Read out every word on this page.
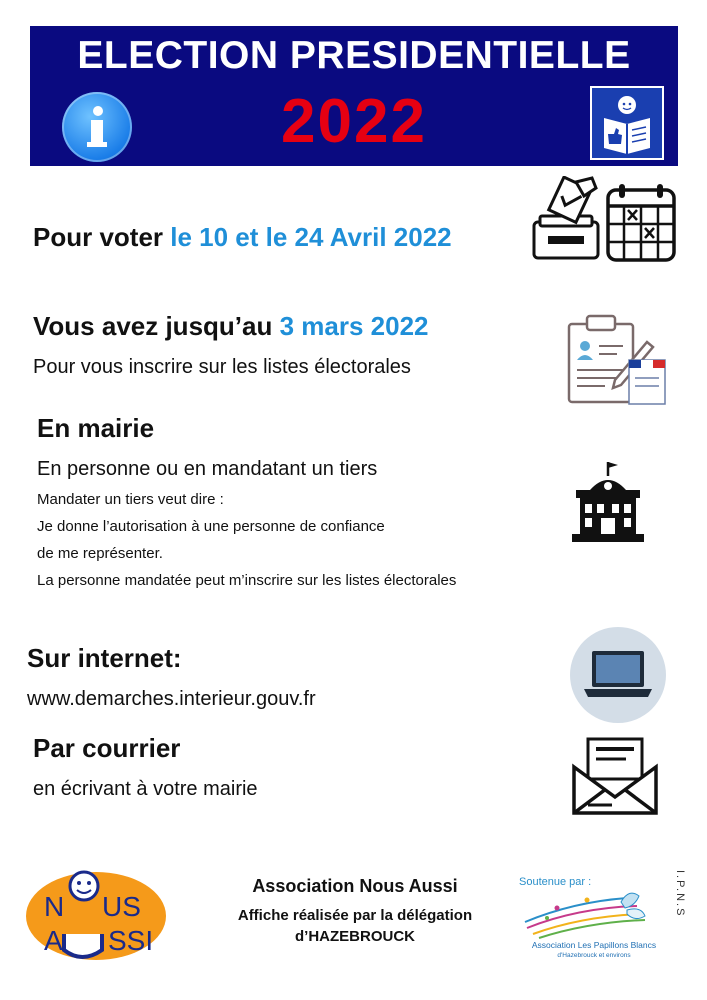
ELECTION PRESIDENTIELLE
2022
Pour voter le 10 et le 24 Avril 2022
Vous avez jusqu’au 3 mars 2022
Pour vous inscrire sur les listes électorales
En mairie
En personne ou en mandatant un tiers
Mandater un tiers veut dire :
Je donne l’autorisation à une personne de confiance
de me représenter.
La personne mandatée peut m’inscrire sur les listes électorales
Sur internet:
www.demarches.interieur.gouv.fr
Par courrier
en écrivant à votre mairie
N US
A SSI
Association Nous Aussi
Affiche réalisée par la délégation
d’HAZEBROUCK
Soutenue par :
Association Les Papillons Blancs
d'Hazebrouck et environs
I.P.N.S
